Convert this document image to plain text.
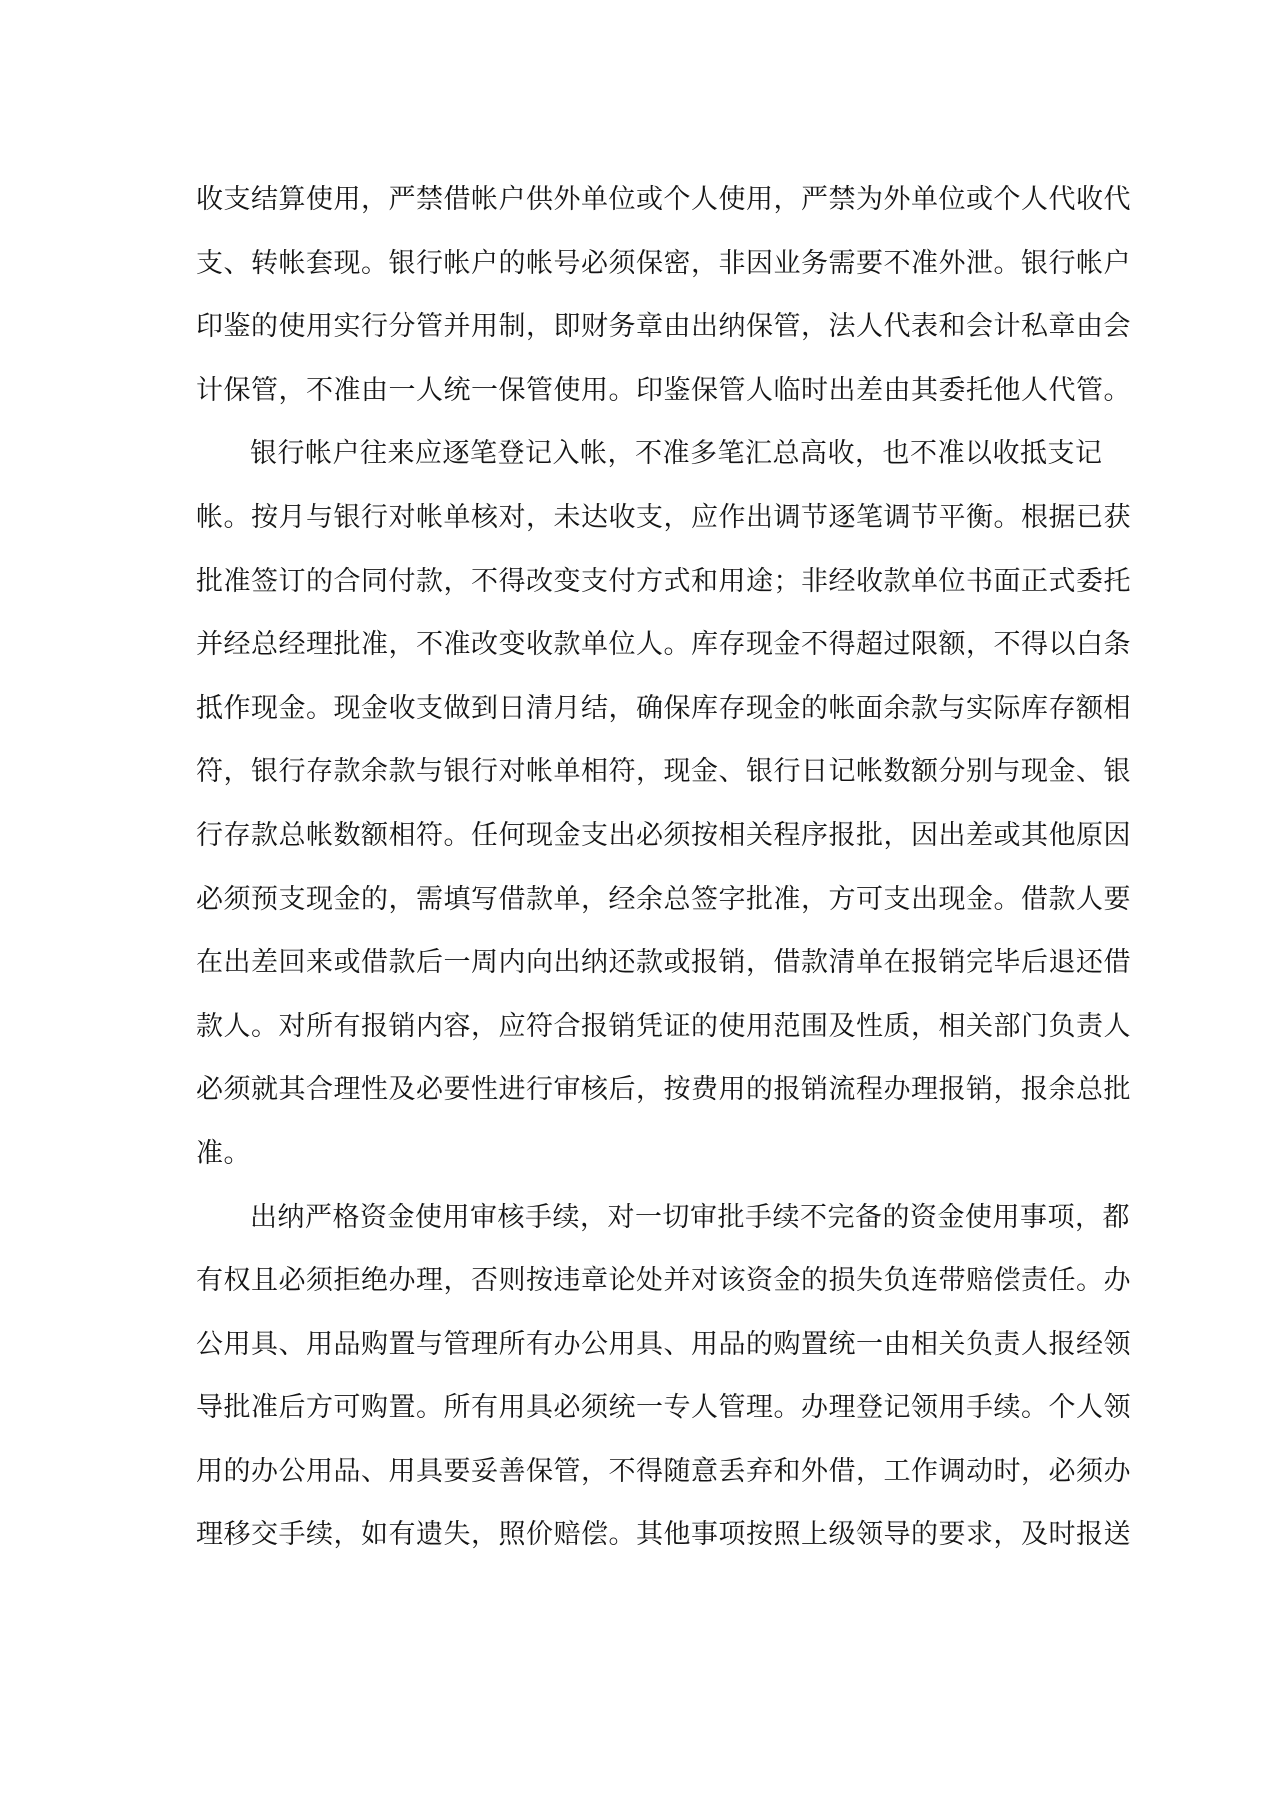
收支结算使用，严禁借帐户供外单位或个人使用，严禁为外单位或个人代收代
支、转帐套现。银行帐户的帐号必须保密，非因业务需要不准外泄。银行帐户
印鉴的使用实行分管并用制，即财务章由出纳保管，法人代表和会计私章由会
计保管，不准由一人统一保管使用。印鉴保管人临时出差由其委托他人代管。
银行帐户往来应逐笔登记入帐，不准多笔汇总高收，也不准以收抵支记
帐。按月与银行对帐单核对，未达收支，应作出调节逐笔调节平衡。根据已获
批准签订的合同付款，不得改变支付方式和用途；非经收款单位书面正式委托
并经总经理批准，不准改变收款单位人。库存现金不得超过限额，不得以白条
抵作现金。现金收支做到日清月结，确保库存现金的帐面余款与实际库存额相
符，银行存款余款与银行对帐单相符，现金、银行日记帐数额分别与现金、银
行存款总帐数额相符。任何现金支出必须按相关程序报批，因出差或其他原因
必须预支现金的，需填写借款单，经余总签字批准，方可支出现金。借款人要
在出差回来或借款后一周内向出纳还款或报销，借款清单在报销完毕后退还借
款人。对所有报销内容，应符合报销凭证的使用范围及性质，相关部门负责人
必须就其合理性及必要性进行审核后，按费用的报销流程办理报销，报余总批
准。
出纳严格资金使用审核手续，对一切审批手续不完备的资金使用事项，都
有权且必须拒绝办理，否则按违章论处并对该资金的损失负连带赔偿责任。办
公用具、用品购置与管理所有办公用具、用品的购置统一由相关负责人报经领
导批准后方可购置。所有用具必须统一专人管理。办理登记领用手续。个人领
用的办公用品、用具要妥善保管，不得随意丢弃和外借，工作调动时，必须办
理移交手续，如有遗失，照价赔偿。其他事项按照上级领导的要求，及时报送
